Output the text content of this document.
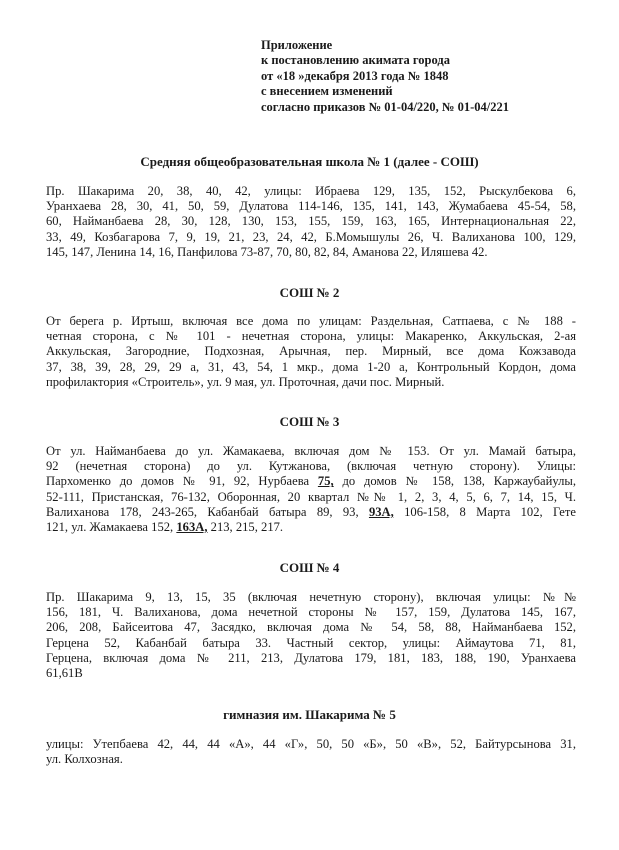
Приложение
к постановлению акимата города
от «18 »декабря 2013 года № 1848
с внесением изменений
согласно приказов № 01-04/220, № 01-04/221
Средняя общеобразовательная школа № 1 (далее - СОШ)
Пр. Шакарима 20, 38, 40, 42, улицы: Ибраева 129, 135, 152, Рыскулбекова 6,
Уранхаева 28, 30, 41, 50, 59, Дулатова 114-146, 135, 141, 143, Жумабаева 45-54, 58,
60, Найманбаева 28, 30, 128, 130, 153, 155, 159, 163, 165, Интернациональная 22,
33, 49, Козбагарова 7, 9, 19, 21, 23, 24, 42, Б.Момышулы 26, Ч. Валиханова 100, 129,
145, 147, Ленина 14, 16, Панфилова 73-87, 70, 80, 82, 84, Аманова 22, Иляшева 42.
СОШ № 2
От берега р. Иртыш, включая все дома по улицам: Раздельная, Сатпаева, с № 188 -
четная сторона, с № 101 - нечетная сторона, улицы: Макаренко, Аккульская, 2-ая
Аккульская, Загородние, Подхозная, Арычная, пер. Мирный, все дома Кожзавода
37, 38, 39, 28, 29, 29 а, 31, 43, 54, 1 мкр., дома 1-20 а, Контрольный Кордон, дома
профилактория «Строитель», ул. 9 мая, ул. Проточная, дачи пос. Мирный.
СОШ № 3
От ул. Найманбаева до ул. Жамакаева, включая дом № 153. От ул. Мамай батыра,
92 (нечетная сторона) до ул. Кутжанова, (включая четную сторону). Улицы:
Пархоменко до домов № 91, 92, Нурбаева 75, до домов № 158, 138, Каржаубайулы,
52-111, Пристанская, 76-132, Оборонная, 20 квартал №№ 1, 2, 3, 4, 5, 6, 7, 14, 15, Ч.
Валиханова 178, 243-265, Кабанбай батыра 89, 93, 93А, 106-158, 8 Марта 102, Гете
121, ул. Жамакаева 152, 163А, 213, 215, 217.
СОШ № 4
Пр. Шакарима 9, 13, 15, 35 (включая нечетную сторону), включая улицы: №№
156, 181, Ч. Валиханова, дома нечетной стороны № 157, 159, Дулатова 145, 167,
206, 208, Байсеитова 47, Засядко, включая дома № 54, 58, 88, Найманбаева 152,
Герцена 52, Кабанбай батыра 33. Частный сектор, улицы: Аймаутова 71, 81,
Герцена, включая дома № 211, 213, Дулатова 179, 181, 183, 188, 190, Уранхаева
61,61В
гимназия им. Шакарима № 5
улицы: Утепбаева 42, 44, 44 «А», 44 «Г», 50, 50 «Б», 50 «В», 52, Байтурсынова 31,
ул. Колхозная.
